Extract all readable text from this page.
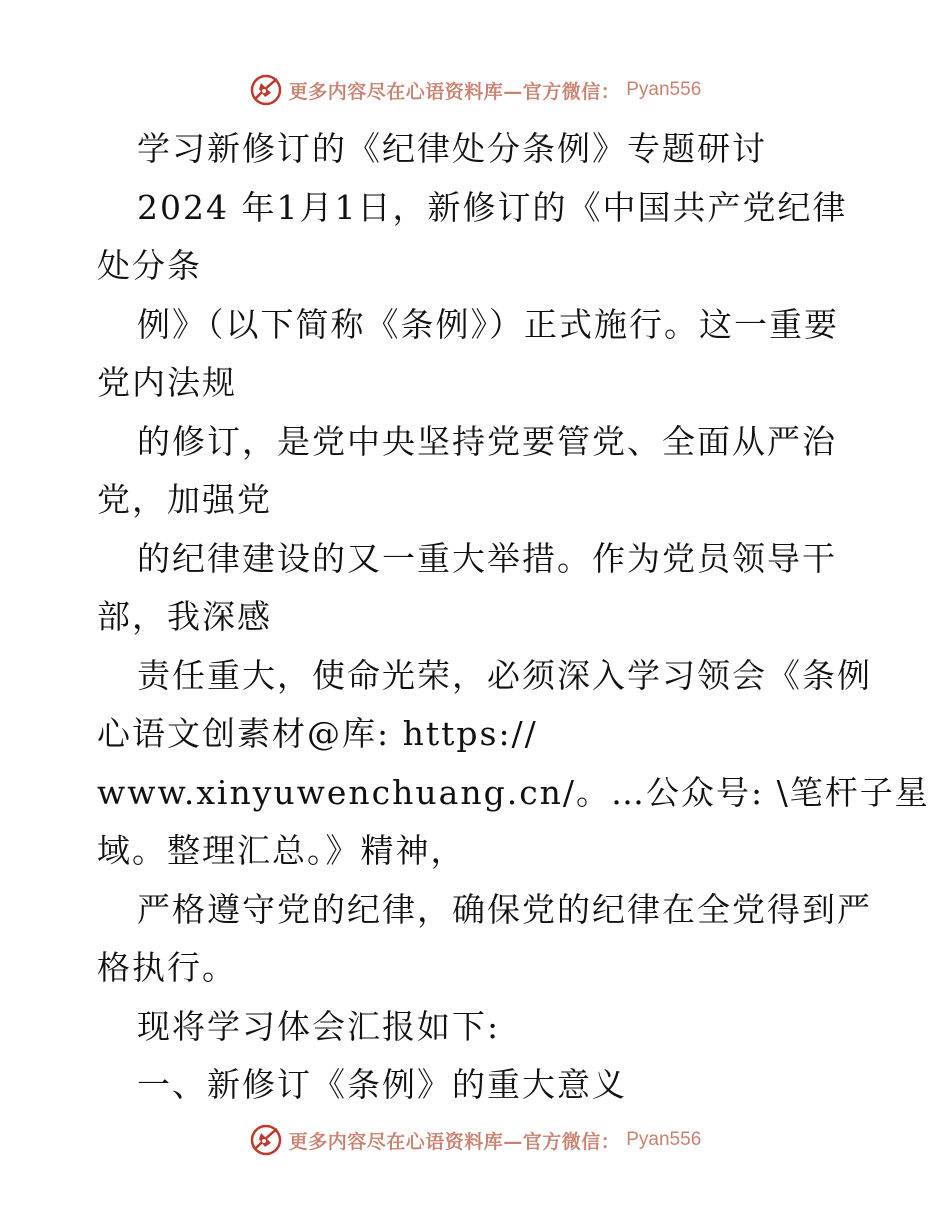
更多内容尽在心语资料库—官方微信： Pyan556
学习新修订的《纪律处分条例》专题研讨
2024 年1月1日，新修订的《中国共产党纪律
处分条
例》（以下简称《条例》）正式施行。这一重要
党内法规
的修订，是党中央坚持党要管党、全面从严治
党，加强党
的纪律建设的又一重大举措。作为党员领导干
部，我深感
责任重大，使命光荣，必须深入学习领会《条例
心语文创素材@库: https://
www.xinyuwenchuang.cn/。…公众号: \笔杆子星
域。整理汇总。》精神，
严格遵守党的纪律，确保党的纪律在全党得到严
格执行。
现将学习体会汇报如下:
一、新修订《条例》的重大意义
更多内容尽在心语资料库—官方微信： Pyan556
